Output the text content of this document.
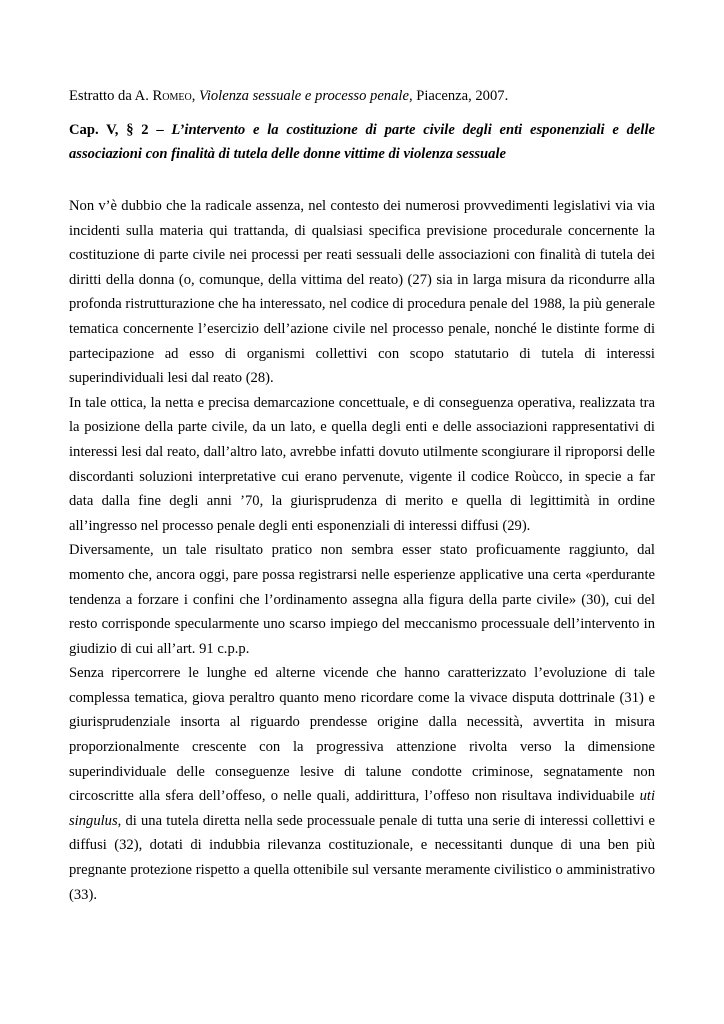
Estratto da A. Romeo, Violenza sessuale e processo penale, Piacenza, 2007.

Cap. V, § 2 – L’intervento e la costituzione di parte civile degli enti esponenziali e delle associazioni con finalità di tutela delle donne vittime di violenza sessuale

Non v’è dubbio che la radicale assenza, nel contesto dei numerosi provvedimenti legislativi via via incidenti sulla materia qui trattanda, di qualsiasi specifica previsione procedurale concernente la costituzione di parte civile nei processi per reati sessuali delle associazioni con finalità di tutela dei diritti della donna (o, comunque, della vittima del reato) (27) sia in larga misura da ricondurre alla profonda ristrutturazione che ha interessato, nel codice di procedura penale del 1988, la più generale tematica concernente l’esercizio dell’azione civile nel processo penale, nonché le distinte forme di partecipazione ad esso di organismi collettivi con scopo statutario di tutela di interessi superindividuali lesi dal reato (28).

In tale ottica, la netta e precisa demarcazione concettuale, e di conseguenza operativa, realizzata tra la posizione della parte civile, da un lato, e quella degli enti e delle associazioni rappresentativi di interessi lesi dal reato, dall’altro lato, avrebbe infatti dovuto utilmente scongiurare il riproporsi delle discordanti soluzioni interpretative cui erano pervenute, vigente il codice Roùcco, in specie a far data dalla fine degli anni ’70, la giurisprudenza di merito e quella di legittimità in ordine all’ingresso nel processo penale degli enti esponenziali di interessi diffusi (29).

Diversamente, un tale risultato pratico non sembra esser stato proficuamente raggiunto, dal momento che, ancora oggi, pare possa registrarsi nelle esperienze applicative una certa «perdurante tendenza a forzare i confini che l’ordinamento assegna alla figura della parte civile» (30), cui del resto corrisponde specularmente uno scarso impiego del meccanismo processuale dell’intervento in giudizio di cui all’art. 91 c.p.p.

Senza ripercorrere le lunghe ed alterne vicende che hanno caratterizzato l’evoluzione di tale complessa tematica, giova peraltro quanto meno ricordare come la vivace disputa dottrinale (31) e giurisprudenziale insorta al riguardo prendesse origine dalla necessità, avvertita in misura proporzionalmente crescente con la progressiva attenzione rivolta verso la dimensione superindividuale delle conseguenze lesive di talune condotte criminose, segnatamente non circoscritte alla sfera dell’offeso, o nelle quali, addirittura, l’offeso non risultava individuabile uti singulus, di una tutela diretta nella sede processuale penale di tutta una serie di interessi collettivi e diffusi (32), dotati di indubbia rilevanza costituzionale, e necessitanti dunque di una ben più pregnante protezione rispetto a quella ottenibile sul versante meramente civilistico o amministrativo (33).
